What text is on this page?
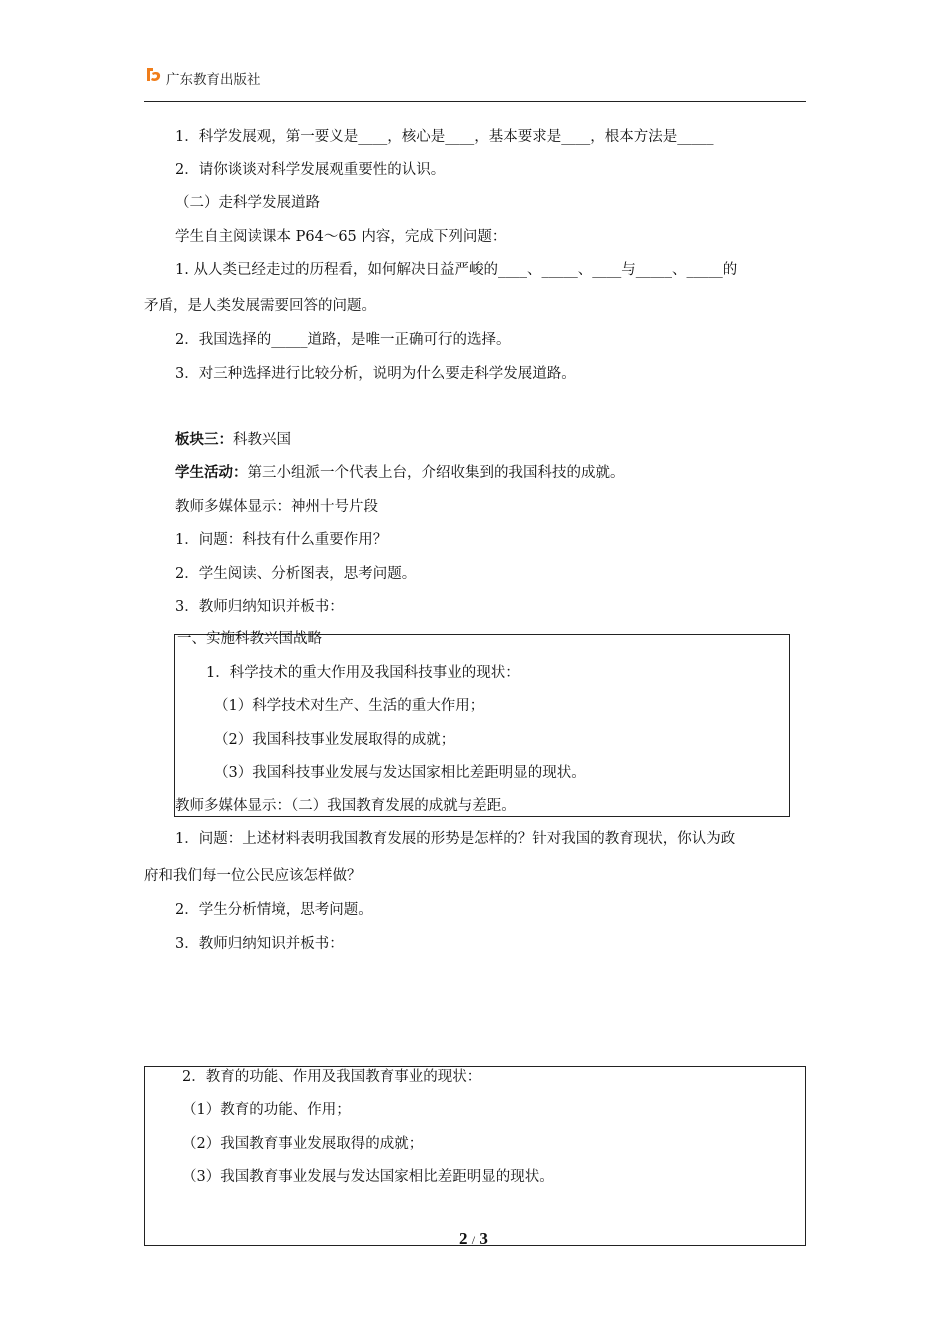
广东教育出版社
1．科学发展观，第一要义是____，核心是____，基本要求是____，根本方法是_____
2．请你谈谈对科学发展观重要性的认识。
（二）走科学发展道路
学生自主阅读课本 P64～65 内容，完成下列问题：
1. 从人类已经走过的历程看，如何解决日益严峻的____、_____、____与_____、_____的
矛盾，是人类发展需要回答的问题。
2．我国选择的_____道路，是唯一正确可行的选择。
3．对三种选择进行比较分析，说明为什么要走科学发展道路。
板块三：科教兴国
学生活动：第三小组派一个代表上台，介绍收集到的我国科技的成就。
教师多媒体显示：神州十号片段
1．问题：科技有什么重要作用？
2．学生阅读、分析图表，思考问题。
3．教师归纳知识并板书：
一、实施科教兴国战略
1．科学技术的重大作用及我国科技事业的现状：
（1）科学技术对生产、生活的重大作用；
（2）我国科技事业发展取得的成就；
（3）我国科技事业发展与发达国家相比差距明显的现状。
教师多媒体显示：（二）我国教育发展的成就与差距。
1．问题：上述材料表明我国教育发展的形势是怎样的？针对我国的教育现状，你认为政
府和我们每一位公民应该怎样做？
2．学生分析情境，思考问题。
3．教师归纳知识并板书：
2．教育的功能、作用及我国教育事业的现状：
（1）教育的功能、作用；
（2）我国教育事业发展取得的成就；
（3）我国教育事业发展与发达国家相比差距明显的现状。
2 / 3
